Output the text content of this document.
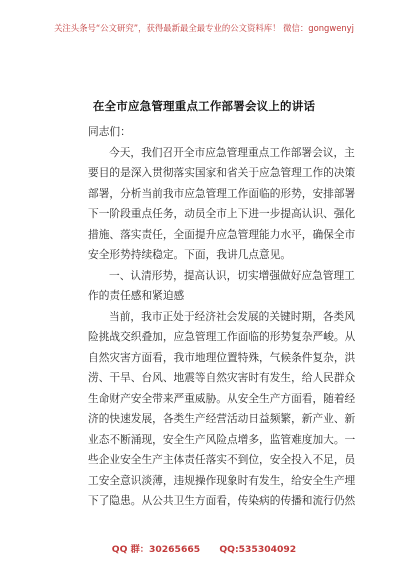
关注头条号“公文研究”，获得最新最全最专业的公文资料库！ 微信：gongwenyj
在全市应急管理重点工作部署会议上的讲话

同志们：

今天，我们召开全市应急管理重点工作部署会议，主

要目的是深入贯彻落实国家和省关于应急管理工作的决策

部署，分析当前我市应急管理工作面临的形势，安排部署

下一阶段重点任务，动员全市上下进一步提高认识、强化

措施、落实责任，全面提升应急管理能力水平，确保全市

安全形势持续稳定。下面，我讲几点意见。

一、认清形势，提高认识，切实增强做好应急管理工

作的责任感和紧迫感

当前，我市正处于经济社会发展的关键时期，各类风

险挑战交织叠加，应急管理工作面临的形势复杂严峻。从

自然灾害方面看，我市地理位置特殊，气候条件复杂，洪

涝、干旱、台风、地震等自然灾害时有发生，给人民群众

生命财产安全带来严重威胁。从安全生产方面看，随着经

济的快速发展，各类生产经营活动日益频繁，新产业、新

业态不断涌现，安全生产风险点增多，监管难度加大。一

些企业安全生产主体责任落实不到位，安全投入不足，员

工安全意识淡薄，违规操作现象时有发生，给安全生产埋

下了隐患。从公共卫生方面看，传染病的传播和流行仍然

QQ 群：30265665 QQ:535304092
